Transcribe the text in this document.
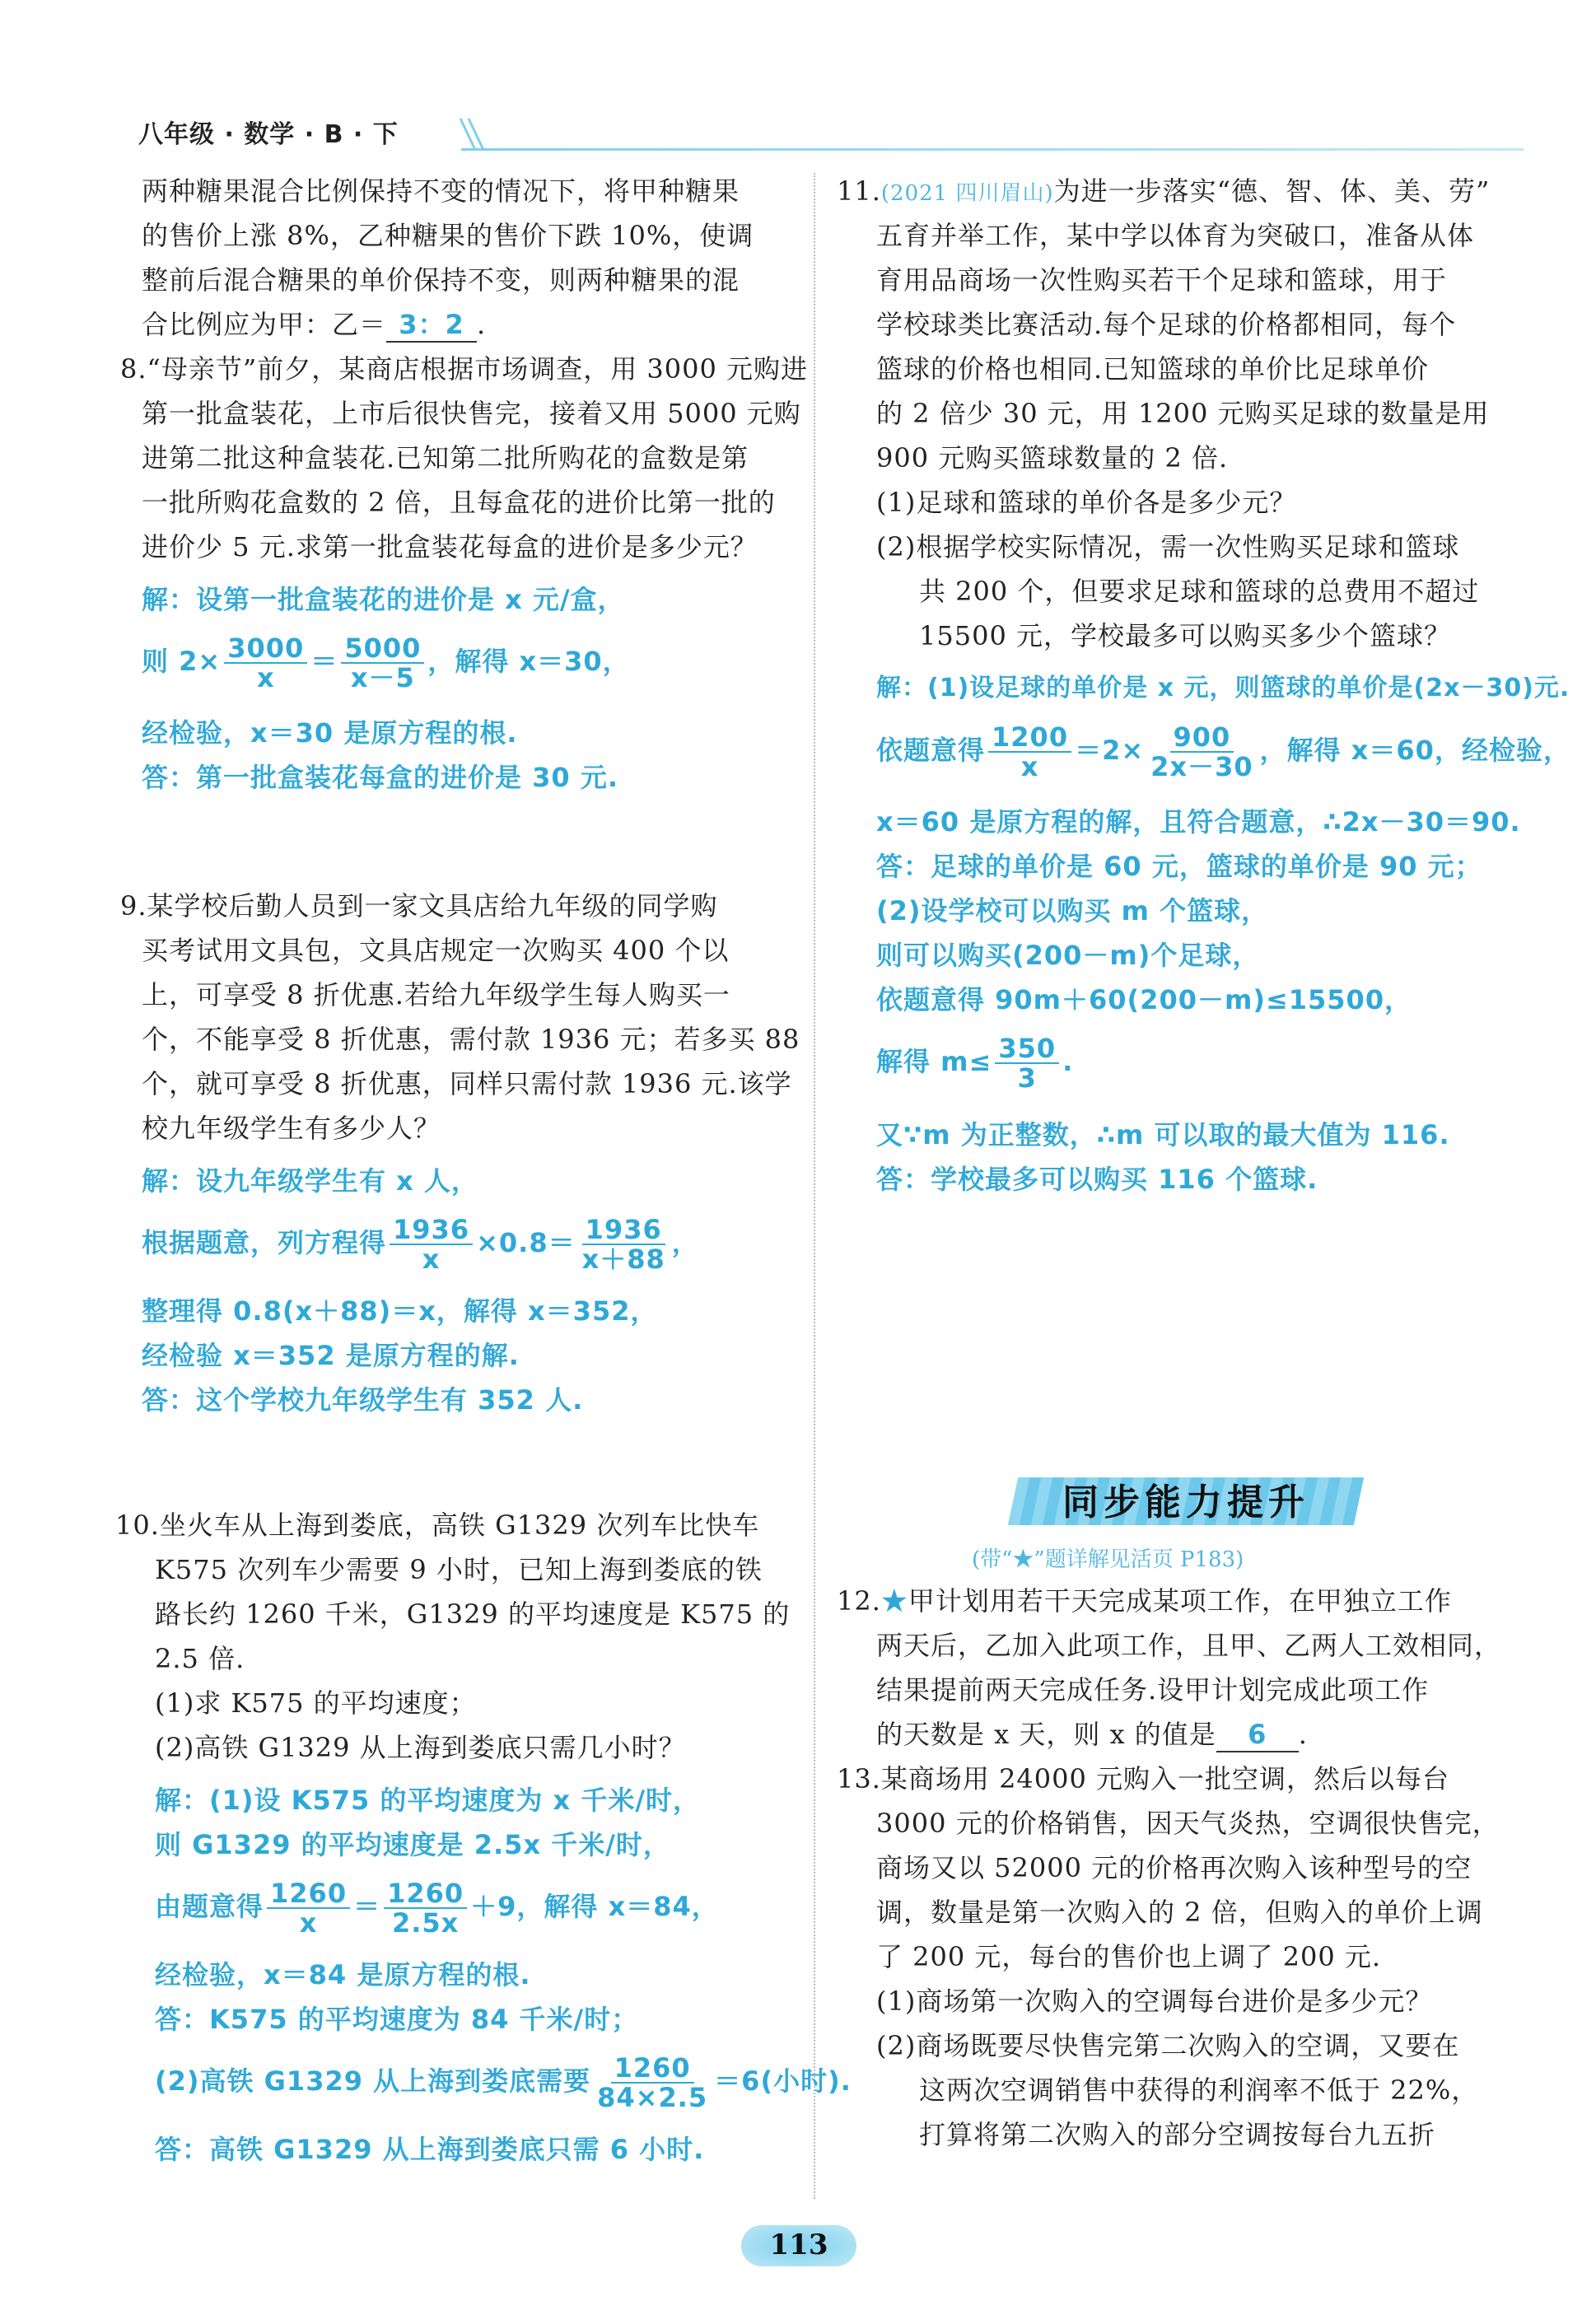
八年级 · 数学 · B · 下
两种糖果混合比例保持不变的情况下，将甲种糖果
的售价上涨 8%，乙种糖果的售价下跌 10%，使调
整前后混合糖果的单价保持不变，则两种糖果的混
合比例应为甲：乙＝ 3：2 .
8.“母亲节”前夕，某商店根据市场调查，用 3000 元购进
第一批盒装花，上市后很快售完，接着又用 5000 元购
进第二批这种盒装花.已知第二批所购花的盒数是第
一批所购花盒数的 2 倍，且每盒花的进价比第一批的
进价少 5 元.求第一批盒装花每盒的进价是多少元？
解：设第一批盒装花的进价是 x 元/盒，
则 $2\times \frac{3000}{x} = \frac{5000}{x-5}$ ，解得 x＝30，
经检验，x＝30 是原方程的根.
答：第一批盒装花每盒的进价是 30 元.
9.某学校后勤人员到一家文具店给九年级的同学购
买考试用文具包，文具店规定一次购买 400 个以
上，可享受 8 折优惠.若给九年级学生每人购买一
个，不能享受 8 折优惠，需付款 1936 元；若多买 88
个，就可享受 8 折优惠，同样只需付款 1936 元.该学
校九年级学生有多少人？
解：设九年级学生有 x 人，
根据题意，列方程得 $\frac{1936}{x} \times 0.8= \frac{1936}{x+88}$ ，
整理得 0.8(x＋88)＝x，解得 x＝352，
经检验 x＝352 是原方程的解.
答：这个学校九年级学生有 352 人.
10.坐火车从上海到娄底，高铁 G1329 次列车比快车
K575 次列车少需要 9 小时，已知上海到娄底的铁
路长约 1260 千米，G1329 的平均速度是 K575 的
2.5 倍.
(1)求 K575 的平均速度；
(2)高铁 G1329 从上海到娄底只需几小时？
解：(1)设 K575 的平均速度为 x 千米/时，
则 G1329 的平均速度是 2.5x 千米/时，
由题意得 $\frac{1260}{x} = \frac{1260}{2.5x} +9$，解得 x＝84，
经检验，x＝84 是原方程的根.
答：K575 的平均速度为 84 千米/时；
(2)高铁 G1329 从上海到娄底需要 $\frac{1260}{84\times 2.5} =6$(小时).
答：高铁 G1329 从上海到娄底只需 6 小时.
11.(2021 四川眉山)为进一步落实“德、智、体、美、劳”
五育并举工作，某中学以体育为突破口，准备从体
育用品商场一次性购买若干个足球和篮球，用于
学校球类比赛活动.每个足球的价格都相同，每个
篮球的价格也相同.已知篮球的单价比足球单价
的 2 倍少 30 元，用 1200 元购买足球的数量是用
900 元购买篮球数量的 2 倍.
(1)足球和篮球的单价各是多少元？
(2)根据学校实际情况，需一次性购买足球和篮球
共 200 个，但要求足球和篮球的总费用不超过
15500 元，学校最多可以购买多少个篮球？
解：(1)设足球的单价是 x 元，则篮球的单价是(2x－30)元.
依题意得 $\frac{1200}{x} =2\times \frac{900}{2x-30}$ ，解得 x＝60，经检验，
x＝60 是原方程的解，且符合题意，∴2x－30＝90.
答：足球的单价是 60 元，篮球的单价是 90 元；
(2)设学校可以购买 m 个篮球，
则可以购买(200－m)个足球，
依题意得 90m＋60(200－m)≤15500，
解得 $m\le \frac{350}{3}$ .
又∵m 为正整数，∴m 可以取的最大值为 116.
答：学校最多可以购买 116 个篮球.
同步能力提升
(带“★”题详解见活页 P183)
12.★甲计划用若干天完成某项工作，在甲独立工作
两天后，乙加入此项工作，且甲、乙两人工效相同，
结果提前两天完成任务.设甲计划完成此项工作
的天数是 x 天，则 x 的值是 6 .
13.某商场用 24000 元购入一批空调，然后以每台
3000 元的价格销售，因天气炎热，空调很快售完，
商场又以 52000 元的价格再次购入该种型号的空
调，数量是第一次购入的 2 倍，但购入的单价上调
了 200 元，每台的售价也上调了 200 元.
(1)商场第一次购入的空调每台进价是多少元？
(2)商场既要尽快售完第二次购入的空调，又要在
这两次空调销售中获得的利润率不低于 22%，
打算将第二次购入的部分空调按每台九五折
113
